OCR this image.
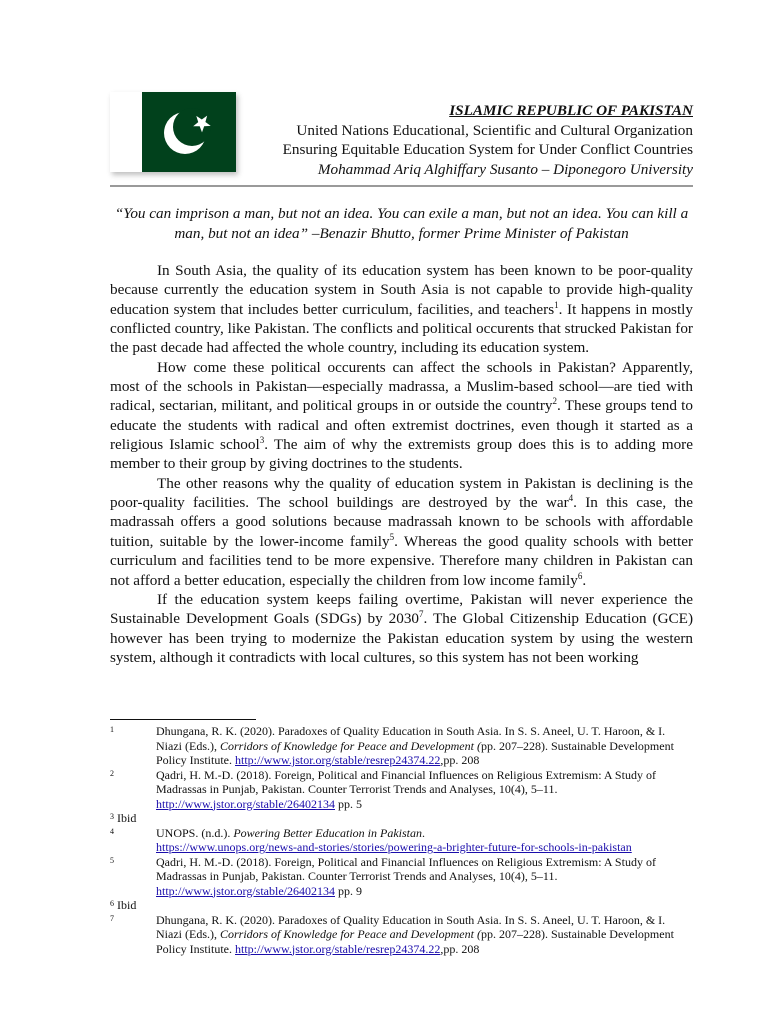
ISLAMIC REPUBLIC OF PAKISTAN
United Nations Educational, Scientific and Cultural Organization
Ensuring Equitable Education System for Under Conflict Countries
Mohammad Ariq Alghiffary Susanto – Diponegoro University
“You can imprison a man, but not an idea. You can exile a man, but not an idea. You can kill a man, but not an idea” –Benazir Bhutto, former Prime Minister of Pakistan

In South Asia, the quality of its education system has been known to be poor-quality because currently the education system in South Asia is not capable to provide high-quality education system that includes better curriculum, facilities, and teachers$^1$. It happens in mostly conflicted country, like Pakistan. The conflicts and political occurents that strucked Pakistan for the past decade had affected the whole country, including its education system.

How come these political occurents can affect the schools in Pakistan? Apparently, most of the schools in Pakistan—especially madrassa, a Muslim-based school—are tied with radical, sectarian, militant, and political groups in or outside the country$^2$. These groups tend to educate the students with radical and often extremist doctrines, even though it started as a religious Islamic school$^3$. The aim of why the extremists group does this is to adding more member to their group by giving doctrines to the students.

The other reasons why the quality of education system in Pakistan is declining is the poor-quality facilities. The school buildings are destroyed by the war$^4$. In this case, the madrassah offers a good solutions because madrassah known to be schools with affordable tuition, suitable by the lower-income family$^5$. Whereas the good quality schools with better curriculum and facilities tend to be more expensive. Therefore many children in Pakistan can not afford a better education, especially the children from low income family$^6$.

If the education system keeps failing overtime, Pakistan will never experience the Sustainable Development Goals (SDGs) by 2030$^7$. The Global Citizenship Education (GCE) however has been trying to modernize the Pakistan education system by using the western system, although it contradicts with local cultures, so this system has not been working

1	Dhungana, R. K. (2020). Paradoxes of Quality Education in South Asia. In S. S. Aneel, U. T. Haroon, & I. Niazi (Eds.), Corridors of Knowledge for Peace and Development (pp. 207–228). Sustainable Development Policy Institute. http://www.jstor.org/stable/resrep24374.22,pp. 208
2	Qadri, H. M.-D. (2018). Foreign, Political and Financial Influences on Religious Extremism: A Study of Madrassas in Punjab, Pakistan. Counter Terrorist Trends and Analyses, 10(4), 5–11. http://www.jstor.org/stable/26402134 pp. 5
3 Ibid
4	UNOPS. (n.d.). Powering Better Education in Pakistan.
https://www.unops.org/news-and-stories/stories/powering-a-brighter-future-for-schools-in-pakistan
5	Qadri, H. M.-D. (2018). Foreign, Political and Financial Influences on Religious Extremism: A Study of Madrassas in Punjab, Pakistan. Counter Terrorist Trends and Analyses, 10(4), 5–11. http://www.jstor.org/stable/26402134 pp. 9
6 Ibid
7	Dhungana, R. K. (2020). Paradoxes of Quality Education in South Asia. In S. S. Aneel, U. T. Haroon, & I. Niazi (Eds.), Corridors of Knowledge for Peace and Development (pp. 207–228). Sustainable Development Policy Institute. http://www.jstor.org/stable/resrep24374.22,pp. 208
